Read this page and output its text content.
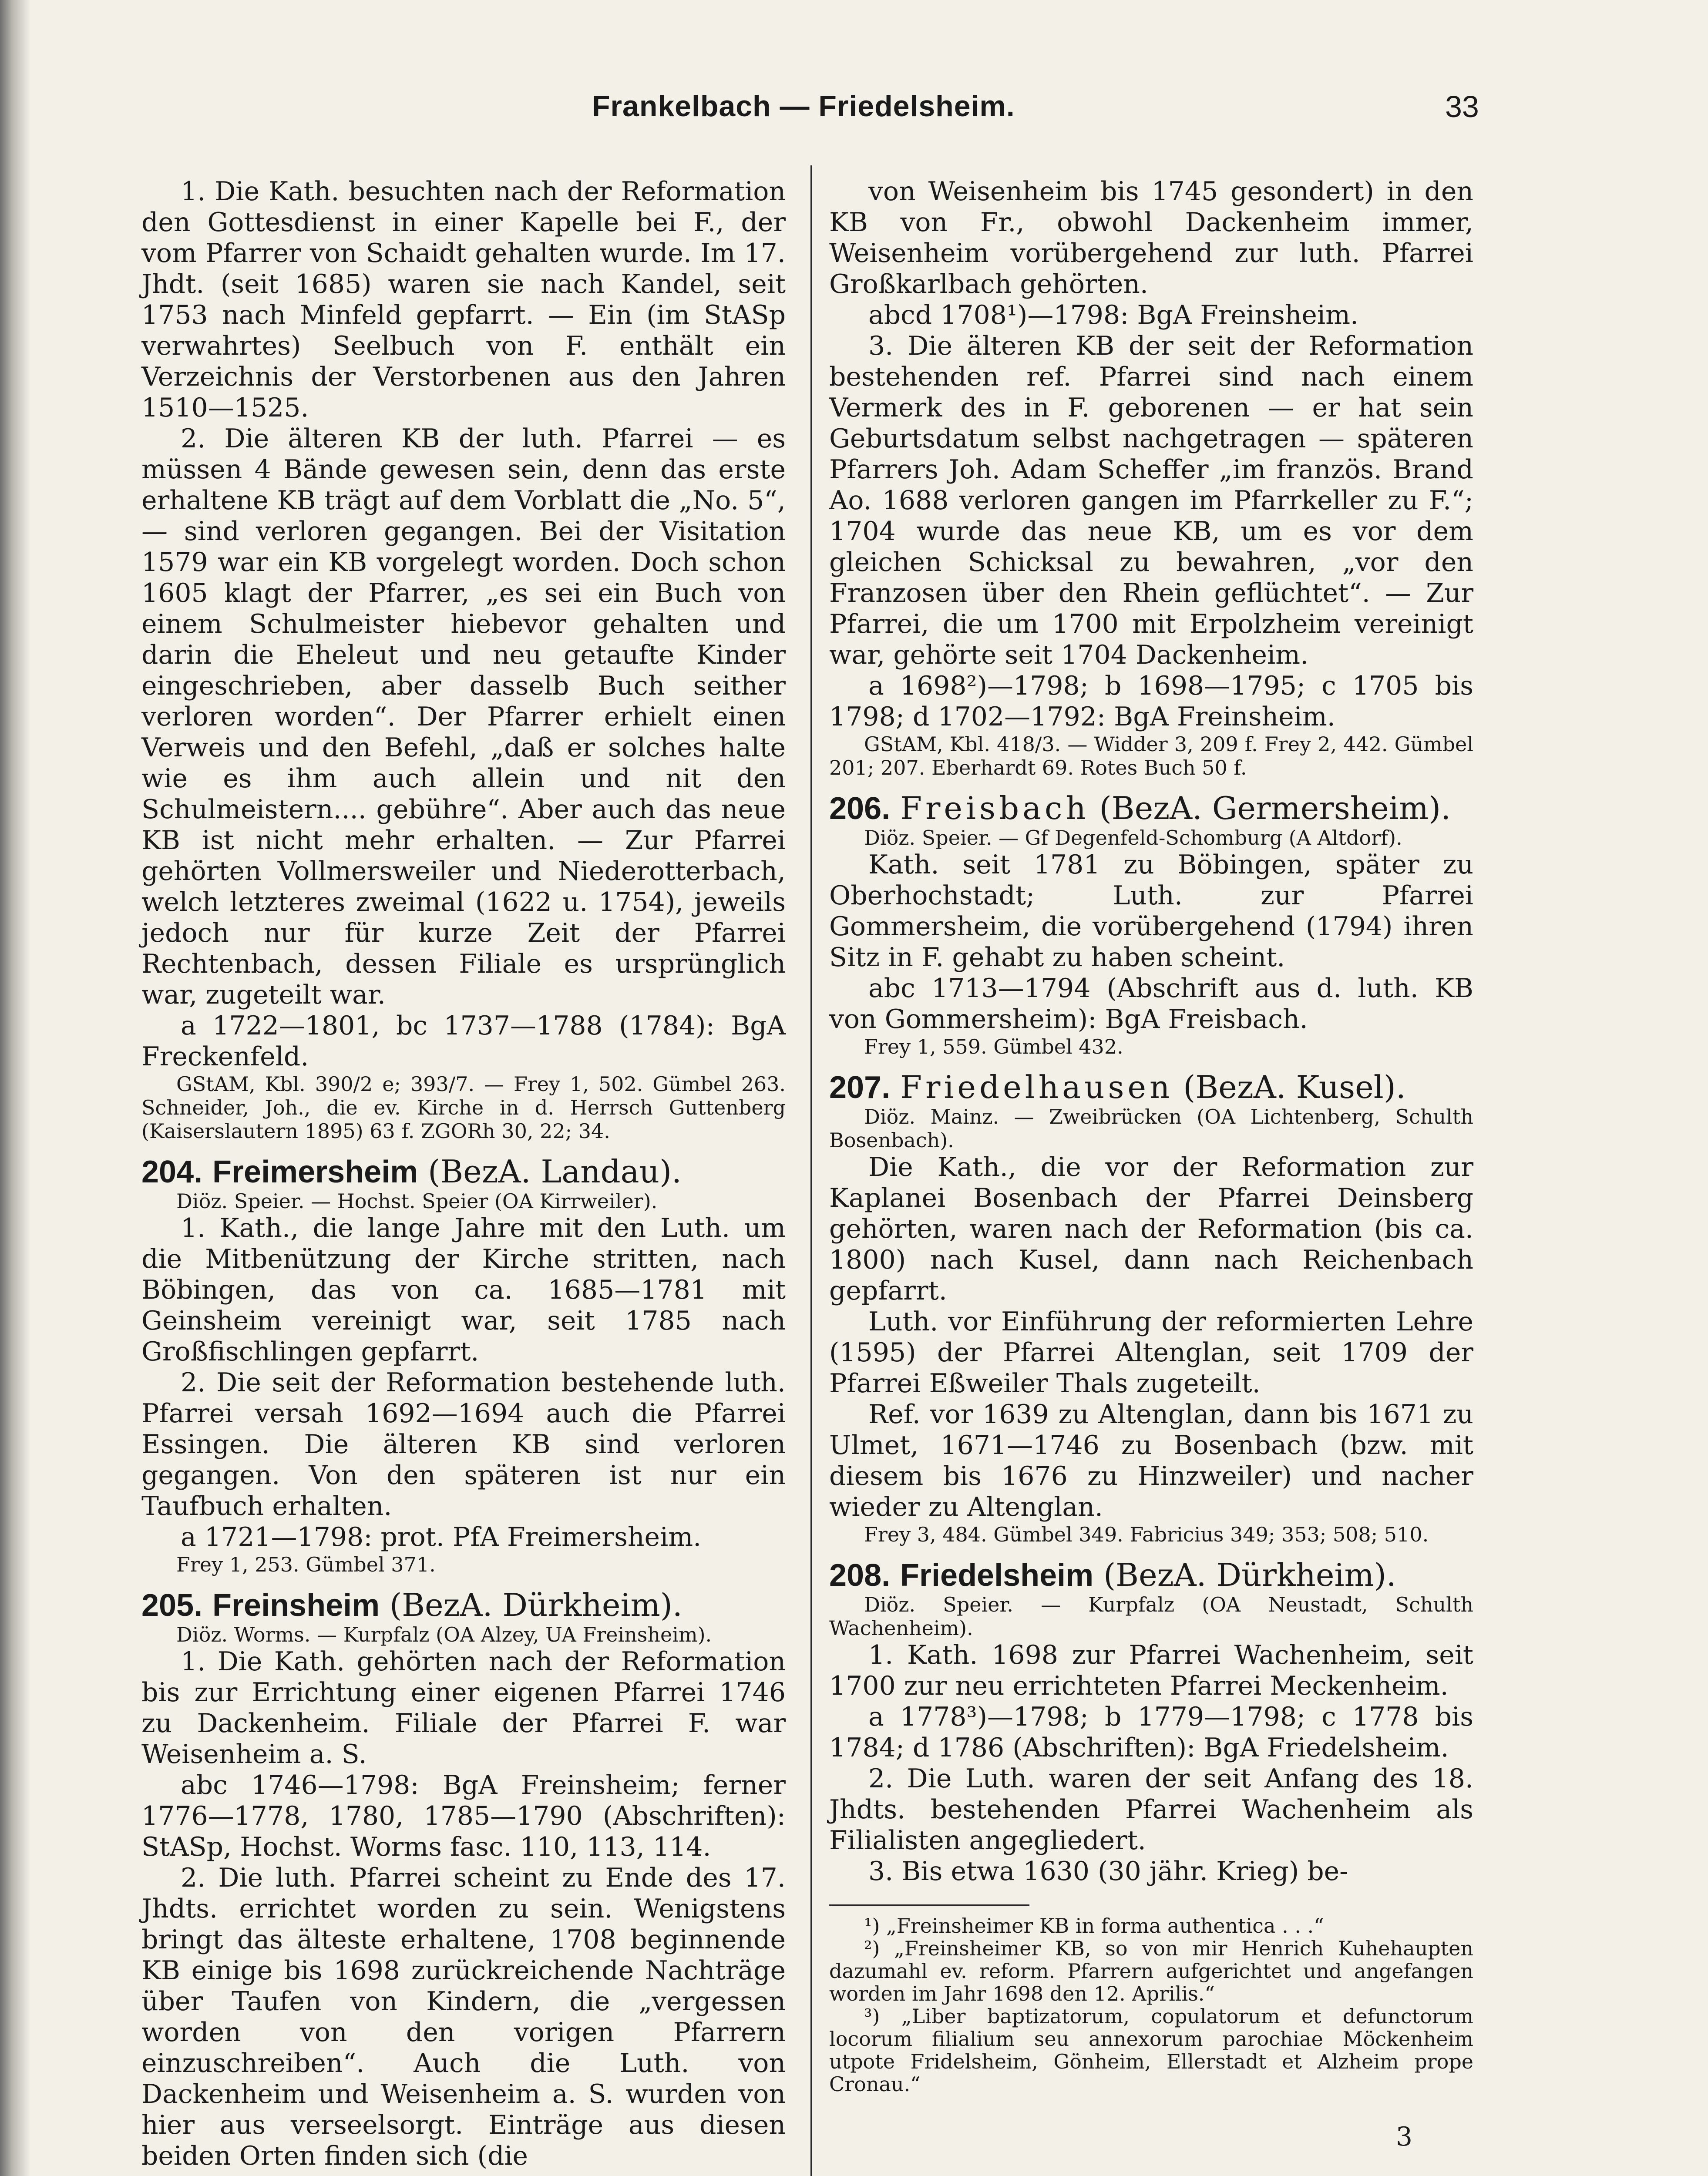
Frankelbach — Friedelsheim.	33

1. Die Kath. besuchten nach der Reformation den Gottesdienst in einer Kapelle bei F., der vom Pfarrer von Schaidt gehalten wurde. Im 17. Jhdt. (seit 1685) waren sie nach Kandel, seit 1753 nach Minfeld gepfarrt. — Ein (im StASp verwahrtes) Seelbuch von F. enthält ein Verzeichnis der Verstorbenen aus den Jahren 1510—1525.

2. Die älteren KB der luth. Pfarrei — es müssen 4 Bände gewesen sein, denn das erste erhaltene KB trägt auf dem Vorblatt die „No. 5“, — sind verloren gegangen. Bei der Visitation 1579 war ein KB vorgelegt worden. Doch schon 1605 klagt der Pfarrer, „es sei ein Buch von einem Schulmeister hiebevor gehalten und darin die Eheleut und neu getaufte Kinder eingeschrieben, aber dasselb Buch seither verloren worden“. Der Pfarrer erhielt einen Verweis und den Befehl, „daß er solches halte wie es ihm auch allein und nit den Schulmeistern.... gebühre“. Aber auch das neue KB ist nicht mehr erhalten. — Zur Pfarrei gehörten Vollmersweiler und Niederotterbach, welch letzteres zweimal (1622 u. 1754), jeweils jedoch nur für kurze Zeit der Pfarrei Rechtenbach, dessen Filiale es ursprünglich war, zugeteilt war.

a 1722—1801, bc 1737—1788 (1784): BgA Freckenfeld.

GStAM, Kbl. 390/2 e; 393/7. — Frey 1, 502. Gümbel 263. Schneider, Joh., die ev. Kirche in d. Herrsch Guttenberg (Kaiserslautern 1895) 63 f. ZGORh 30, 22; 34.

204. Freimersheim (BezA. Landau).

Diöz. Speier. — Hochst. Speier (OA Kirrweiler).

1. Kath., die lange Jahre mit den Luth. um die Mitbenützung der Kirche stritten, nach Böbingen, das von ca. 1685—1781 mit Geinsheim vereinigt war, seit 1785 nach Großfischlingen gepfarrt.

2. Die seit der Reformation bestehende luth. Pfarrei versah 1692—1694 auch die Pfarrei Essingen. Die älteren KB sind verloren gegangen. Von den späteren ist nur ein Taufbuch erhalten.

a 1721—1798: prot. PfA Freimersheim.

Frey 1, 253. Gümbel 371.

205. Freinsheim (BezA. Dürkheim).

Diöz. Worms. — Kurpfalz (OA Alzey, UA Freinsheim).

1. Die Kath. gehörten nach der Reformation bis zur Errichtung einer eigenen Pfarrei 1746 zu Dackenheim. Filiale der Pfarrei F. war Weisenheim a. S.

abc 1746—1798: BgA Freinsheim; ferner 1776—1778, 1780, 1785—1790 (Abschriften): StASp, Hochst. Worms fasc. 110, 113, 114.

2. Die luth. Pfarrei scheint zu Ende des 17. Jhdts. errichtet worden zu sein. Wenigstens bringt das älteste erhaltene, 1708 beginnende KB einige bis 1698 zurückreichende Nachträge über Taufen von Kindern, die „vergessen worden von den vorigen Pfarrern einzuschreiben“. Auch die Luth. von Dackenheim und Weisenheim a. S. wurden von hier aus verseelsorgt. Einträge aus diesen beiden Orten finden sich (die

von Weisenheim bis 1745 gesondert) in den KB von Fr., obwohl Dackenheim immer, Weisenheim vorübergehend zur luth. Pfarrei Großkarlbach gehörten.

abcd 1708¹)—1798: BgA Freinsheim.

3. Die älteren KB der seit der Reformation bestehenden ref. Pfarrei sind nach einem Vermerk des in F. geborenen — er hat sein Geburtsdatum selbst nachgetragen — späteren Pfarrers Joh. Adam Scheffer „im französ. Brand Ao. 1688 verloren gangen im Pfarrkeller zu F.“; 1704 wurde das neue KB, um es vor dem gleichen Schicksal zu bewahren, „vor den Franzosen über den Rhein geflüchtet“. — Zur Pfarrei, die um 1700 mit Erpolzheim vereinigt war, gehörte seit 1704 Dackenheim.

a 1698²)—1798; b 1698—1795; c 1705 bis 1798; d 1702—1792: BgA Freinsheim.

GStAM, Kbl. 418/3. — Widder 3, 209 f. Frey 2, 442. Gümbel 201; 207. Eberhardt 69. Rotes Buch 50 f.

206. Freisbach (BezA. Germersheim).

Diöz. Speier. — Gf Degenfeld-Schomburg (A Altdorf).

Kath. seit 1781 zu Böbingen, später zu Oberhochstadt; Luth. zur Pfarrei Gommersheim, die vorübergehend (1794) ihren Sitz in F. gehabt zu haben scheint.

abc 1713—1794 (Abschrift aus d. luth. KB von Gommersheim): BgA Freisbach.

Frey 1, 559. Gümbel 432.

207. Friedelhausen (BezA. Kusel).

Diöz. Mainz. — Zweibrücken (OA Lichtenberg, Schulth Bosenbach).

Die Kath., die vor der Reformation zur Kaplanei Bosenbach der Pfarrei Deinsberg gehörten, waren nach der Reformation (bis ca. 1800) nach Kusel, dann nach Reichenbach gepfarrt.

Luth. vor Einführung der reformierten Lehre (1595) der Pfarrei Altenglan, seit 1709 der Pfarrei Eßweiler Thals zugeteilt.

Ref. vor 1639 zu Altenglan, dann bis 1671 zu Ulmet, 1671—1746 zu Bosenbach (bzw. mit diesem bis 1676 zu Hinzweiler) und nacher wieder zu Altenglan.

Frey 3, 484. Gümbel 349. Fabricius 349; 353; 508; 510.

208. Friedelsheim (BezA. Dürkheim).

Diöz. Speier. — Kurpfalz (OA Neustadt, Schulth Wachenheim).

1. Kath. 1698 zur Pfarrei Wachenheim, seit 1700 zur neu errichteten Pfarrei Meckenheim.

a 1778³)—1798; b 1779—1798; c 1778 bis 1784; d 1786 (Abschriften): BgA Friedelsheim.

2. Die Luth. waren der seit Anfang des 18. Jhdts. bestehenden Pfarrei Wachenheim als Filialisten angegliedert.

3. Bis etwa 1630 (30 jähr. Krieg) be-

¹) „Freinsheimer KB in forma authentica . . .“

²) „Freinsheimer KB, so von mir Henrich Kuhehaupten dazumahl ev. reform. Pfarrern aufgerichtet und angefangen worden im Jahr 1698 den 12. Aprilis.“

³) „Liber baptizatorum, copulatorum et defunctorum locorum filialium seu annexorum parochiae Möckenheim utpote Fridelsheim, Gönheim, Ellerstadt et Alzheim prope Cronau.“

3
